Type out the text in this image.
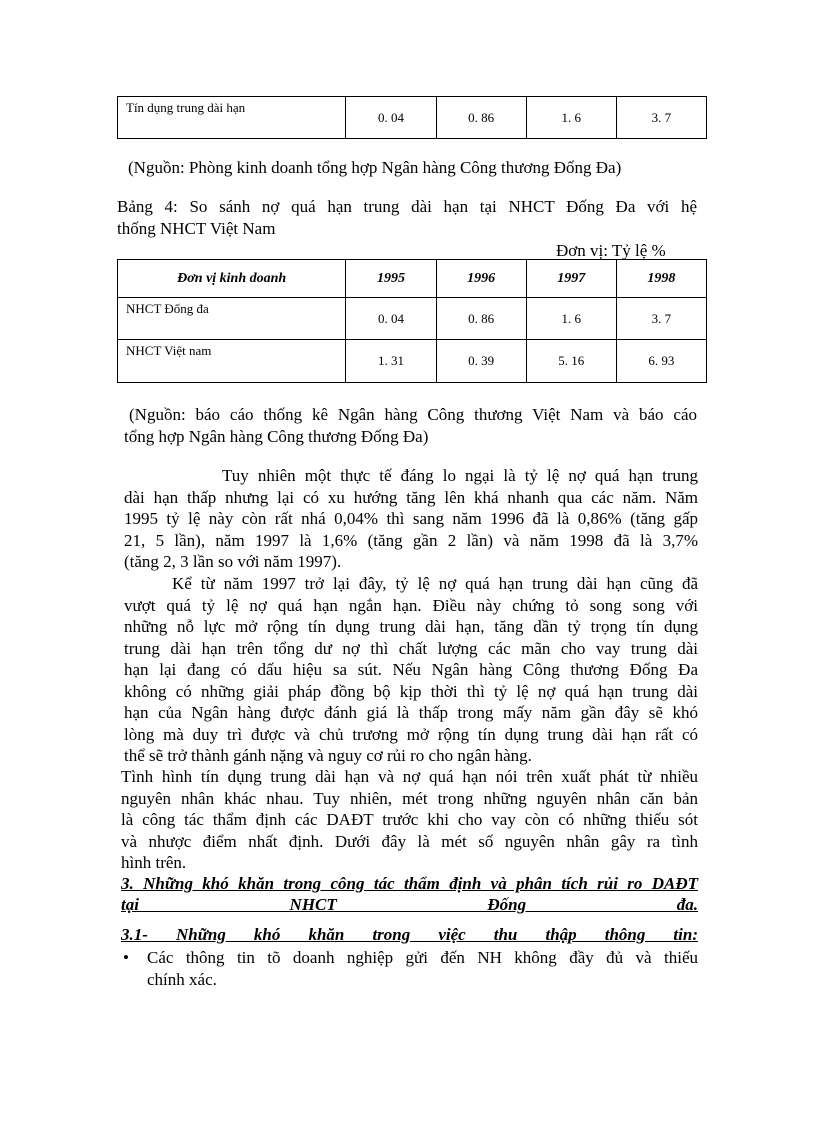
Tín dụng trung dài hạn	0. 04	0. 86	1. 6	3. 7
(Nguồn: Phòng kinh doanh tổng hợp Ngân hàng Công thương Đống Đa)
Bảng 4: So sánh nợ quá hạn trung dài hạn tại NHCT Đống Đa với hệ
thống NHCT Việt Nam
Đơn vị: Tỷ lệ %
Đơn vị kinh doanh	1995	1996	1997	1998
NHCT Đống đa	0. 04	0. 86	1. 6	3. 7
NHCT Việt nam	1. 31	0. 39	5. 16	6. 93
(Nguồn: báo cáo thống kê Ngân hàng Công thương Việt Nam và báo cáo
tổng hợp Ngân hàng Công thương Đống Đa)
Tuy nhiên một thực tế đáng lo ngại là tỷ lệ nợ quá hạn trung
dài hạn thấp nhưng lại có xu hướng tăng lên khá nhanh qua các năm. Năm
1995 tỷ lệ này còn rất nhá 0,04% thì sang năm 1996 đã là 0,86% (tăng gấp
21, 5 lần), năm 1997 là 1,6% (tăng gần 2 lần) và năm 1998 đã là 3,7%
(tăng 2, 3 lần so với năm 1997).
Kể từ năm 1997 trở lại đây, tỷ lệ nợ quá hạn trung dài hạn cũng đã
vượt quá tỷ lệ nợ quá hạn ngắn hạn. Điều này chứng tỏ song song với
những nỗ lực mở rộng tín dụng trung dài hạn, tăng dần tỷ trọng tín dụng
trung dài hạn trên tổng dư nợ thì chất lượng các mãn cho vay trung dài
hạn lại đang có dấu hiệu sa sút. Nếu Ngân hàng Công thương Đống Đa
không có những giải pháp đồng bộ kịp thời thì tỷ lệ nợ quá hạn trung dài
hạn của Ngân hàng được đánh giá là thấp trong mấy năm gần đây sẽ khó
lòng mà duy trì được và chủ trương mở rộng tín dụng trung dài hạn rất có
thể sẽ trở thành gánh nặng và nguy cơ rủi ro cho ngân hàng.
Tình hình tín dụng trung dài hạn và nợ quá hạn nói trên xuất phát từ nhiều
nguyên nhân khác nhau. Tuy nhiên, mét trong những nguyên nhân căn bản
là công tác thẩm định các DAĐT trước khi cho vay còn có những thiếu sót
và nhược điểm nhất định. Dưới đây là mét số nguyên nhân gây ra tình
hình trên.
3. Những khó khăn trong công tác thẩm định và phân tích rủi ro DAĐT
tại NHCT Đống đa.
3.1- Những khó khăn trong việc thu thập thông tin:
• Các thông tin tõ doanh nghiệp gửi đến NH không đầy đủ và thiếu
chính xác.
